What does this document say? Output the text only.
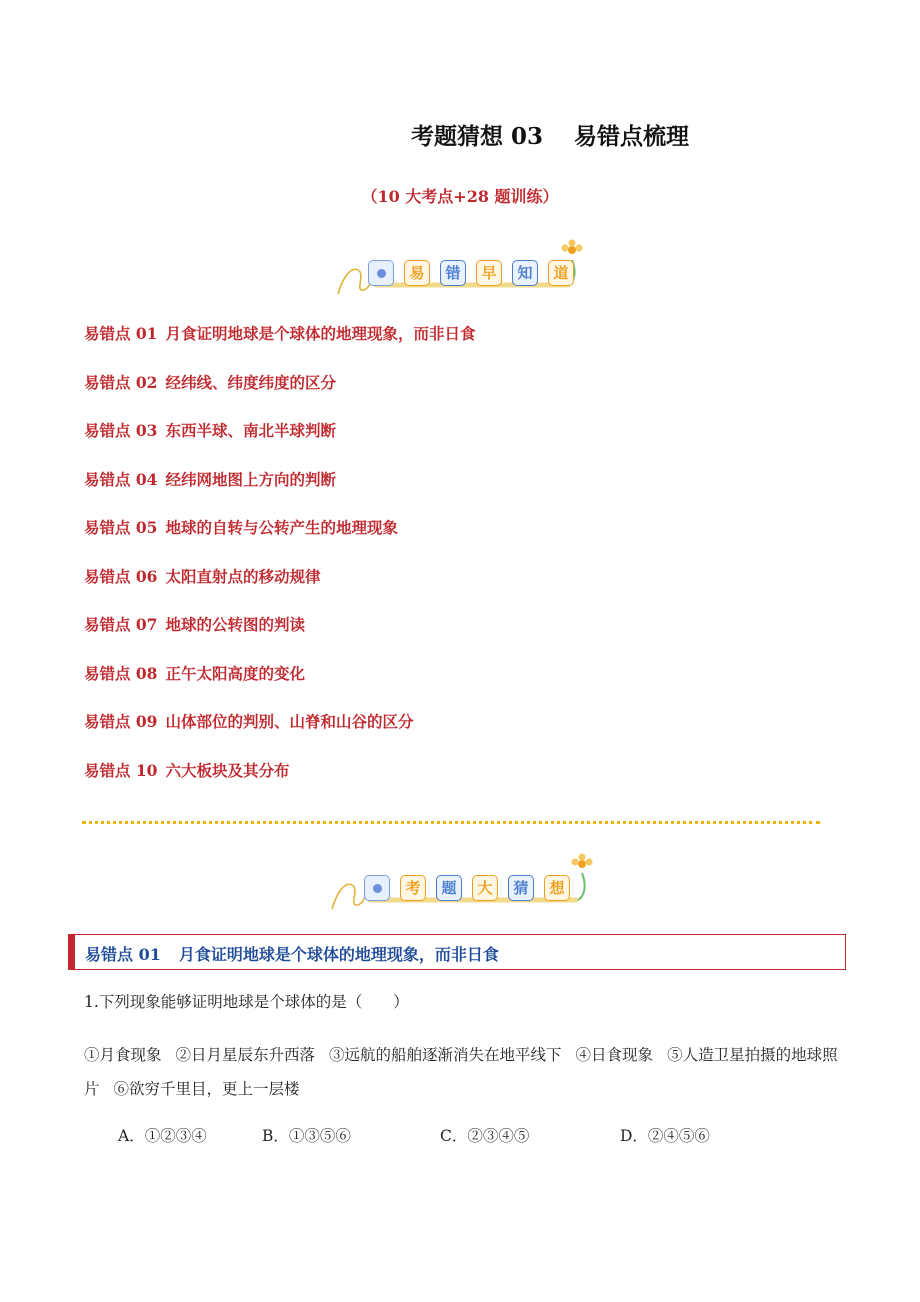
考题猜想 03　 易错点梳理
（10 大考点+28 题训练）
易	错	早	知	道
易错点 01 月食证明地球是个球体的地理现象，而非日食
易错点 02 经纬线、纬度纬度的区分
易错点 03 东西半球、南北半球判断
易错点 04 经纬网地图上方向的判断
易错点 05 地球的自转与公转产生的地理现象
易错点 06 太阳直射点的移动规律
易错点 07 地球的公转图的判读
易错点 08 正午太阳高度的变化
易错点 09 山体部位的判别、山脊和山谷的区分
易错点 10 六大板块及其分布
考	题	大	猜	想
易错点 01 月食证明地球是个球体的地理现象，而非日食
1.下列现象能够证明地球是个球体的是（　　）
①月食现象 ②日月星辰东升西落 ③远航的船舶逐渐消失在地平线下 ④日食现象 ⑤人造卫星拍摄的地球照片 ⑥欲穷千里目，更上一层楼
A．①②③④	B．①③⑤⑥	C．②③④⑤	D．②④⑤⑥
